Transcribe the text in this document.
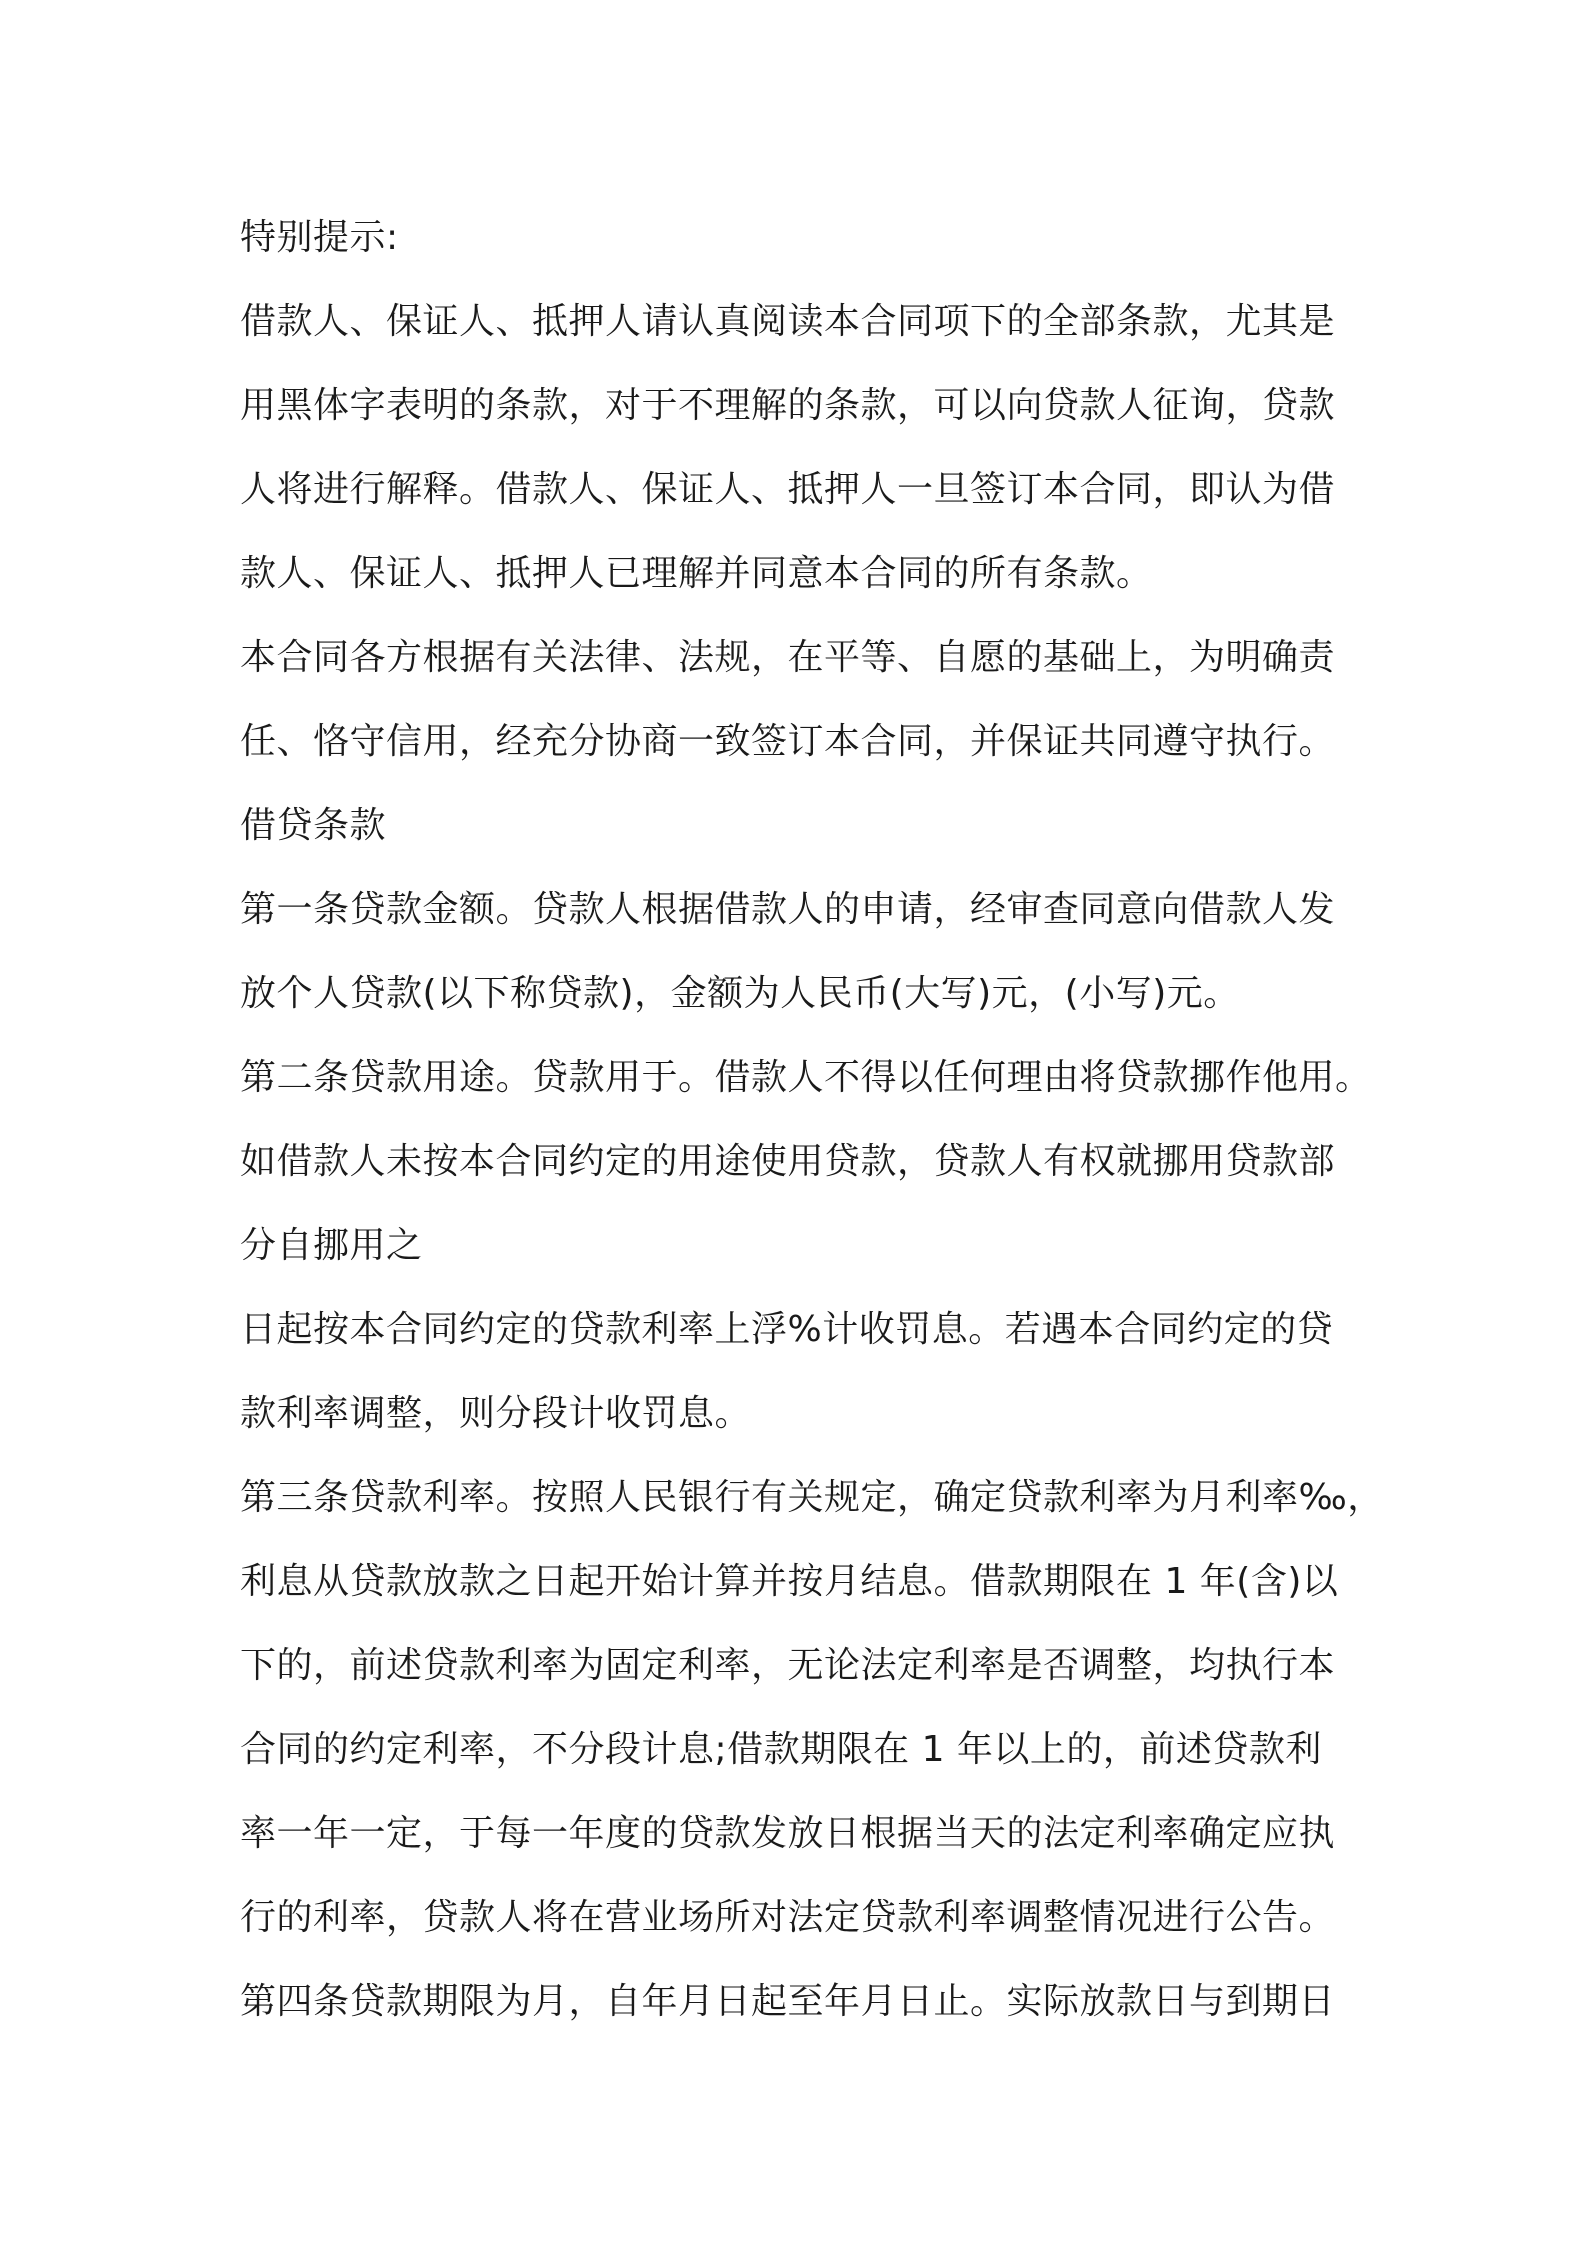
特别提示:
借款人、保证人、抵押人请认真阅读本合同项下的全部条款，尤其是
用黑体字表明的条款，对于不理解的条款，可以向贷款人征询，贷款
人将进行解释。借款人、保证人、抵押人一旦签订本合同，即认为借
款人、保证人、抵押人已理解并同意本合同的所有条款。
本合同各方根据有关法律、法规，在平等、自愿的基础上，为明确责
任、恪守信用，经充分协商一致签订本合同，并保证共同遵守执行。
借贷条款
第一条贷款金额。贷款人根据借款人的申请，经审查同意向借款人发
放个人贷款(以下称贷款)，金额为人民币(大写)元，(小写)元。
第二条贷款用途。贷款用于。借款人不得以任何理由将贷款挪作他用。
如借款人未按本合同约定的用途使用贷款，贷款人有权就挪用贷款部
分自挪用之
日起按本合同约定的贷款利率上浮%计收罚息。若遇本合同约定的贷
款利率调整，则分段计收罚息。
第三条贷款利率。按照人民银行有关规定，确定贷款利率为月利率‰，
利息从贷款放款之日起开始计算并按月结息。借款期限在 1 年(含)以
下的，前述贷款利率为固定利率，无论法定利率是否调整，均执行本
合同的约定利率，不分段计息;借款期限在 1 年以上的，前述贷款利
率一年一定，于每一年度的贷款发放日根据当天的法定利率确定应执
行的利率，贷款人将在营业场所对法定贷款利率调整情况进行公告。
第四条贷款期限为月，自年月日起至年月日止。实际放款日与到期日
